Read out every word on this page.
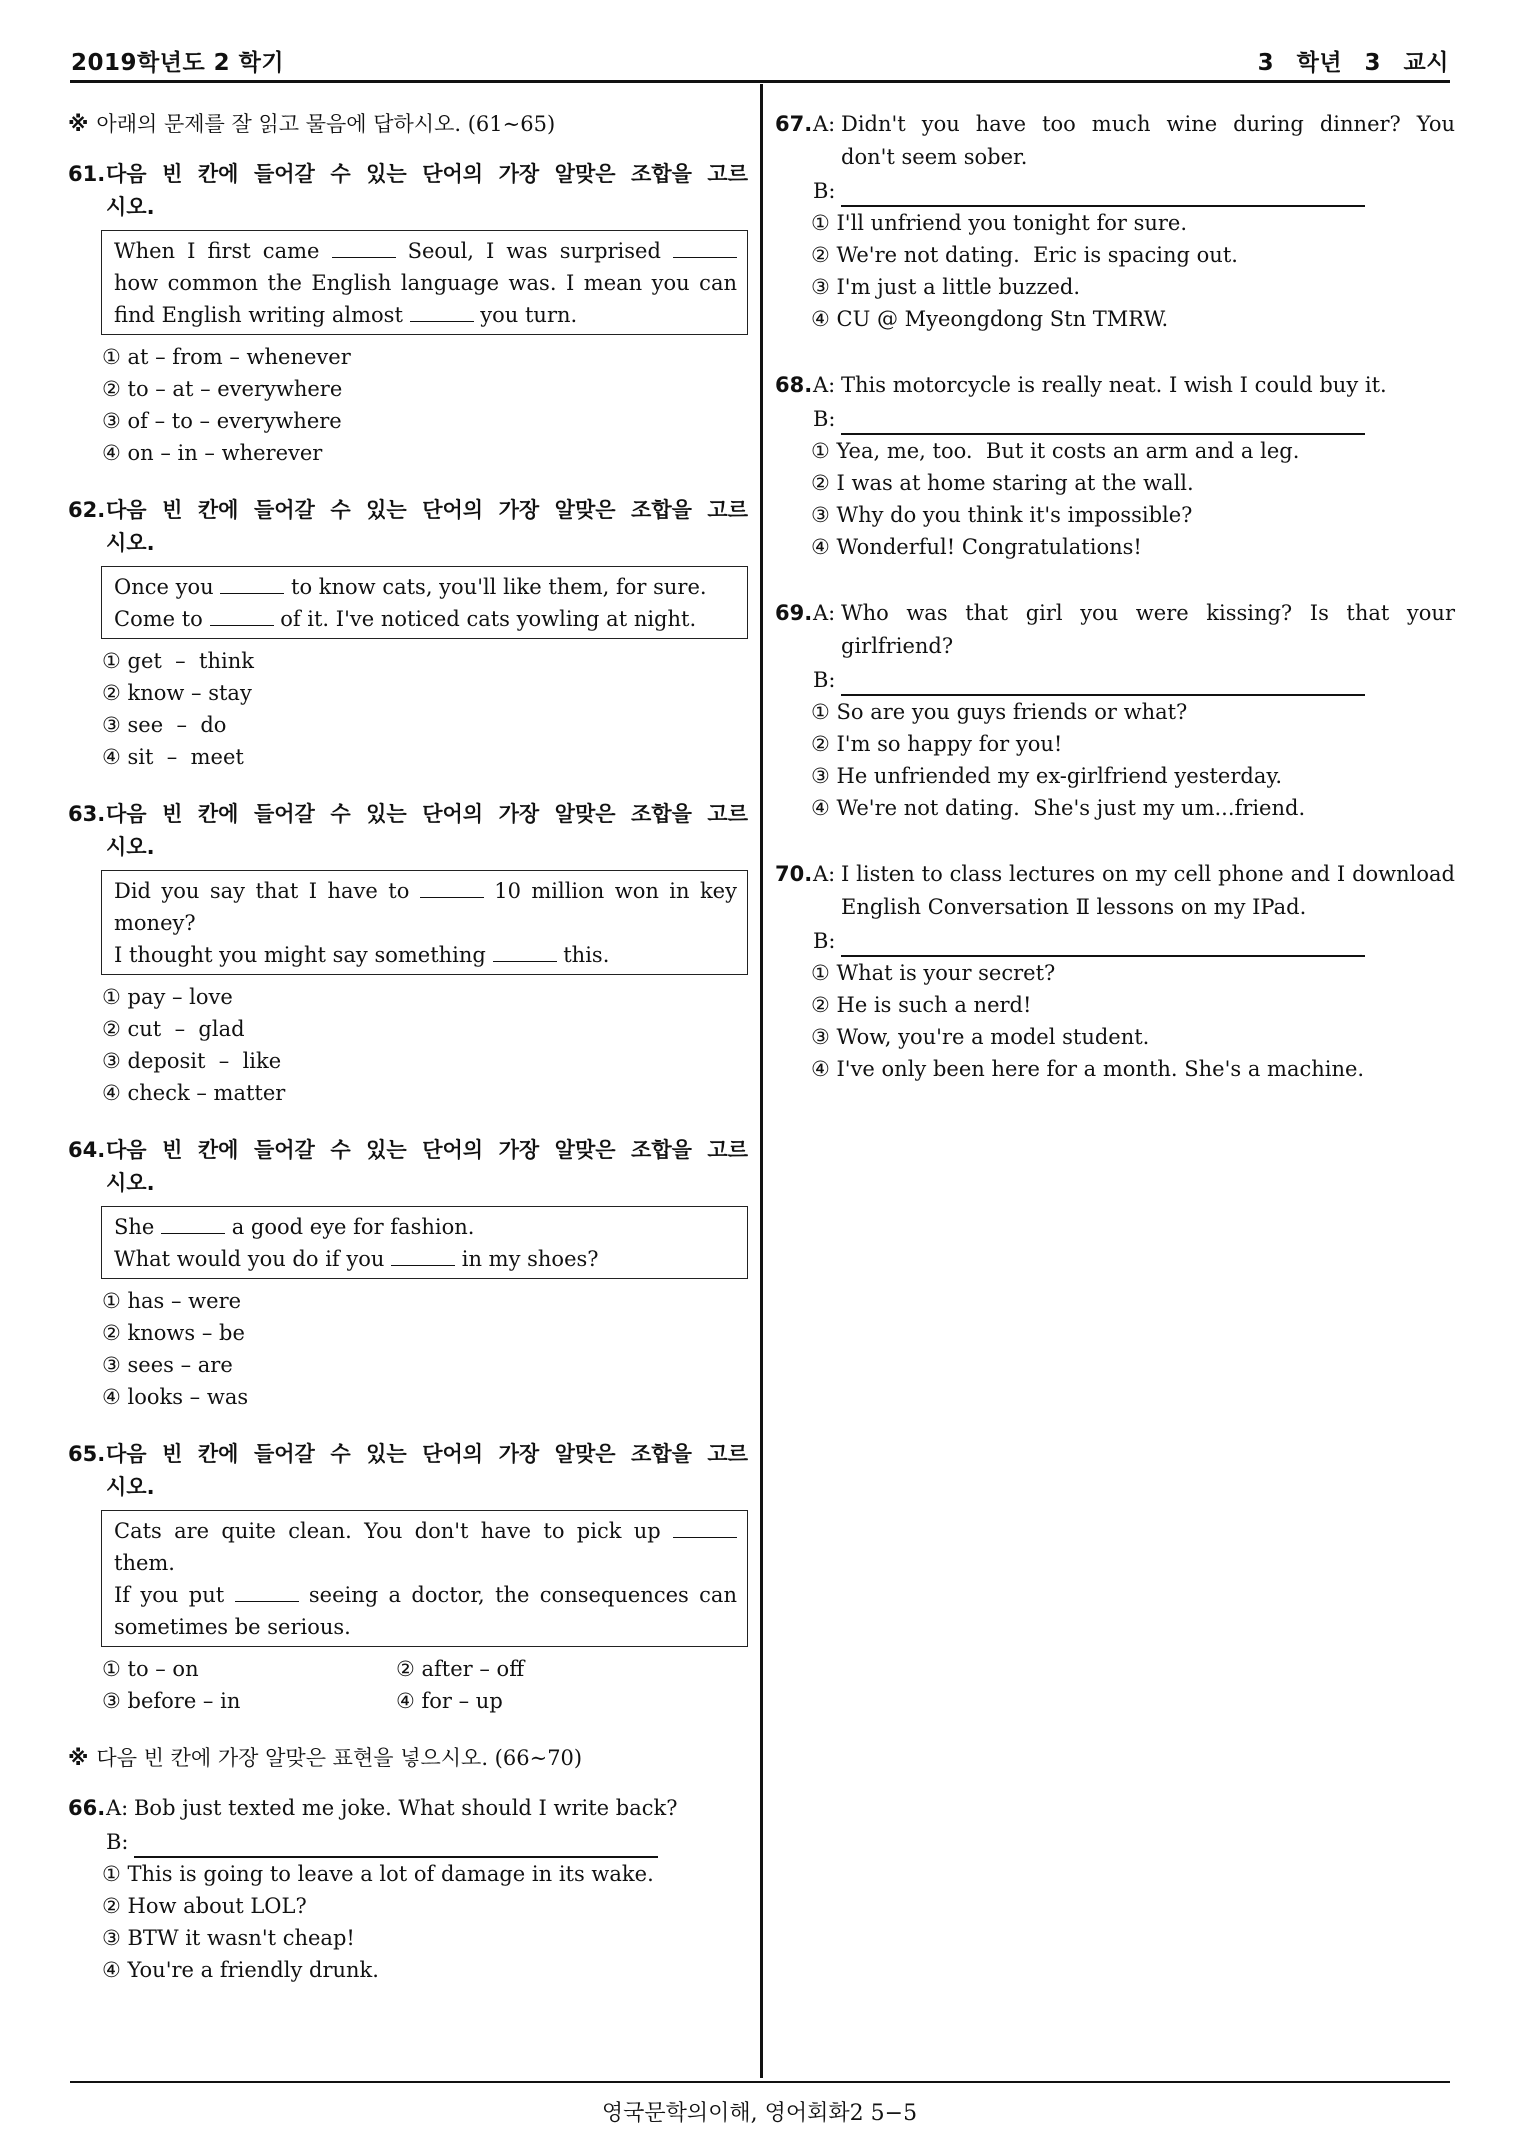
2019학년도 2 학기	3 학년 3 교시
※ 아래의 문제를 잘 읽고 물음에 답하시오. (61∼65)
61. 다음 빈 칸에 들어갈 수 있는 단어의 가장 알맞은 조합을 고르
시오.
When I first came	Seoul, I was surprised
how common the English language was. I mean you can
find English writing almost	you turn.
① at – from – whenever
② to – at – everywhere
③ of – to – everywhere
④ on – in – wherever
62. 다음 빈 칸에 들어갈 수 있는 단어의 가장 알맞은 조합을 고르
시오.
Once you	to know cats, you'll like them, for sure.
Come to	of it. I've noticed cats yowling at night.
① get  –  think
② know – stay
③ see  –  do
④ sit  –  meet
63. 다음 빈 칸에 들어갈 수 있는 단어의 가장 알맞은 조합을 고르
시오.
Did you say that I have to	10 million won in key
money?
I thought you might say something	this.
① pay – love
② cut  –  glad
③ deposit  –  like
④ check – matter
64. 다음 빈 칸에 들어갈 수 있는 단어의 가장 알맞은 조합을 고르
시오.
She	a good eye for fashion.
What would you do if you	in my shoes?
① has – were
② knows – be
③ sees – are
④ looks – was
65. 다음 빈 칸에 들어갈 수 있는 단어의 가장 알맞은 조합을 고르
시오.
Cats are quite clean. You don't have to pick up
them.
If you put	seeing a doctor, the consequences can
sometimes be serious.
① to – on	② after – off
③ before – in	④ for – up
※ 다음 빈 칸에 가장 알맞은 표현을 넣으시오. (66∼70)
66. A: Bob just texted me joke. What should I write back?
B:
① This is going to leave a lot of damage in its wake.
② How about LOL?
③ BTW it wasn't cheap!
④ You're a friendly drunk.
67. A: Didn't you have too much wine during dinner? You
don't seem sober.
B:
① I'll unfriend you tonight for sure.
② We're not dating.  Eric is spacing out.
③ I'm just a little buzzed.
④ CU @ Myeongdong Stn TMRW.
68. A: This motorcycle is really neat. I wish I could buy it.
B:
① Yea, me, too.  But it costs an arm and a leg.
② I was at home staring at the wall.
③ Why do you think it's impossible?
④ Wonderful! Congratulations!
69. A: Who was that girl you were kissing? Is that your
girlfriend?
B:
① So are you guys friends or what?
② I'm so happy for you!
③ He unfriended my ex-girlfriend yesterday.
④ We're not dating.  She's just my um...friend.
70. A: I listen to class lectures on my cell phone and I download
English Conversation Ⅱ lessons on my IPad.
B:
① What is your secret?
② He is such a nerd!
③ Wow, you're a model student.
④ I've only been here for a month. She's a machine.
영국문학의이해, 영어회화2 5−5
